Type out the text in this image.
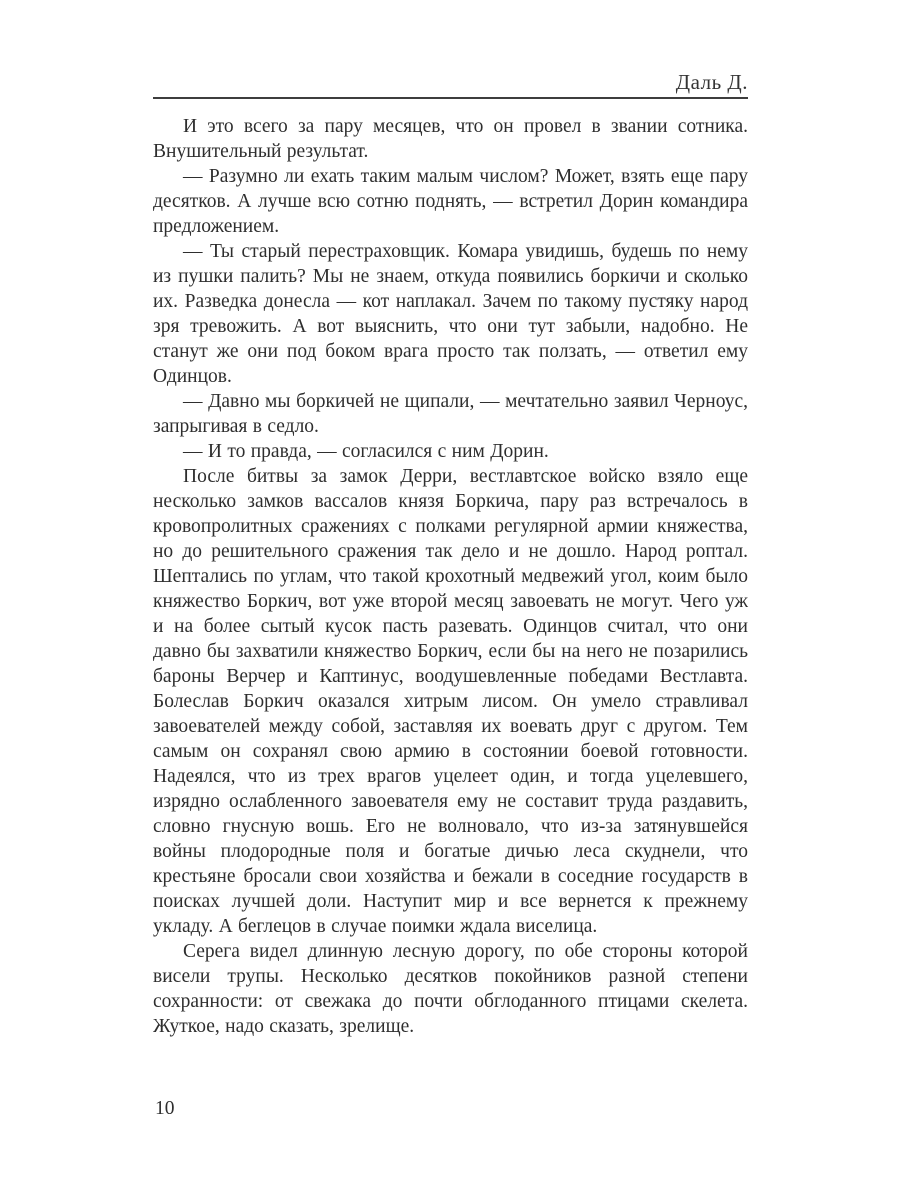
Даль Д.

И это всего за пару месяцев, что он провел в звании сотника. Внушительный результат.

— Разумно ли ехать таким малым числом? Может, взять еще пару десятков. А лучше всю сотню поднять, — встретил Дорин командира предложением.

— Ты старый перестраховщик. Комара увидишь, будешь по нему из пушки палить? Мы не знаем, откуда появились боркичи и сколько их. Разведка донесла — кот наплакал. Зачем по такому пустяку народ зря тревожить. А вот выяснить, что они тут забыли, надобно. Не станут же они под боком врага просто так ползать, — ответил ему Одинцов.

— Давно мы боркичей не щипали, — мечтательно заявил Черноус, запрыгивая в седло.

— И то правда, — согласился с ним Дорин.

После битвы за замок Дерри, вестлавтское войско взяло еще несколько замков вассалов князя Боркича, пару раз встречалось в кровопролитных сражениях с полками регулярной армии княжества, но до решительного сражения так дело и не дошло. Народ роптал. Шептались по углам, что такой крохотный медвежий угол, коим было княжество Боркич, вот уже второй месяц завоевать не могут. Чего уж и на более сытый кусок пасть разевать. Одинцов считал, что они давно бы захватили княжество Боркич, если бы на него не позарились бароны Верчер и Каптинус, воодушевленные победами Вестлавта. Болеслав Боркич оказался хитрым лисом. Он умело стравливал завоевателей между собой, заставляя их воевать друг с другом. Тем самым он сохранял свою армию в состоянии боевой готовности. Надеялся, что из трех врагов уцелеет один, и тогда уцелевшего, изрядно ослабленного завоевателя ему не составит труда раздавить, словно гнусную вошь. Его не волновало, что из-за затянувшейся войны плодородные поля и богатые дичью леса скуднели, что крестьяне бросали свои хозяйства и бежали в соседние государств в поисках лучшей доли. Наступит мир и все вернется к прежнему укладу. А беглецов в случае поимки ждала виселица.

Серега видел длинную лесную дорогу, по обе стороны которой висели трупы. Несколько десятков покойников разной степени сохранности: от свежака до почти обглоданного птицами скелета. Жуткое, надо сказать, зрелище.

10
